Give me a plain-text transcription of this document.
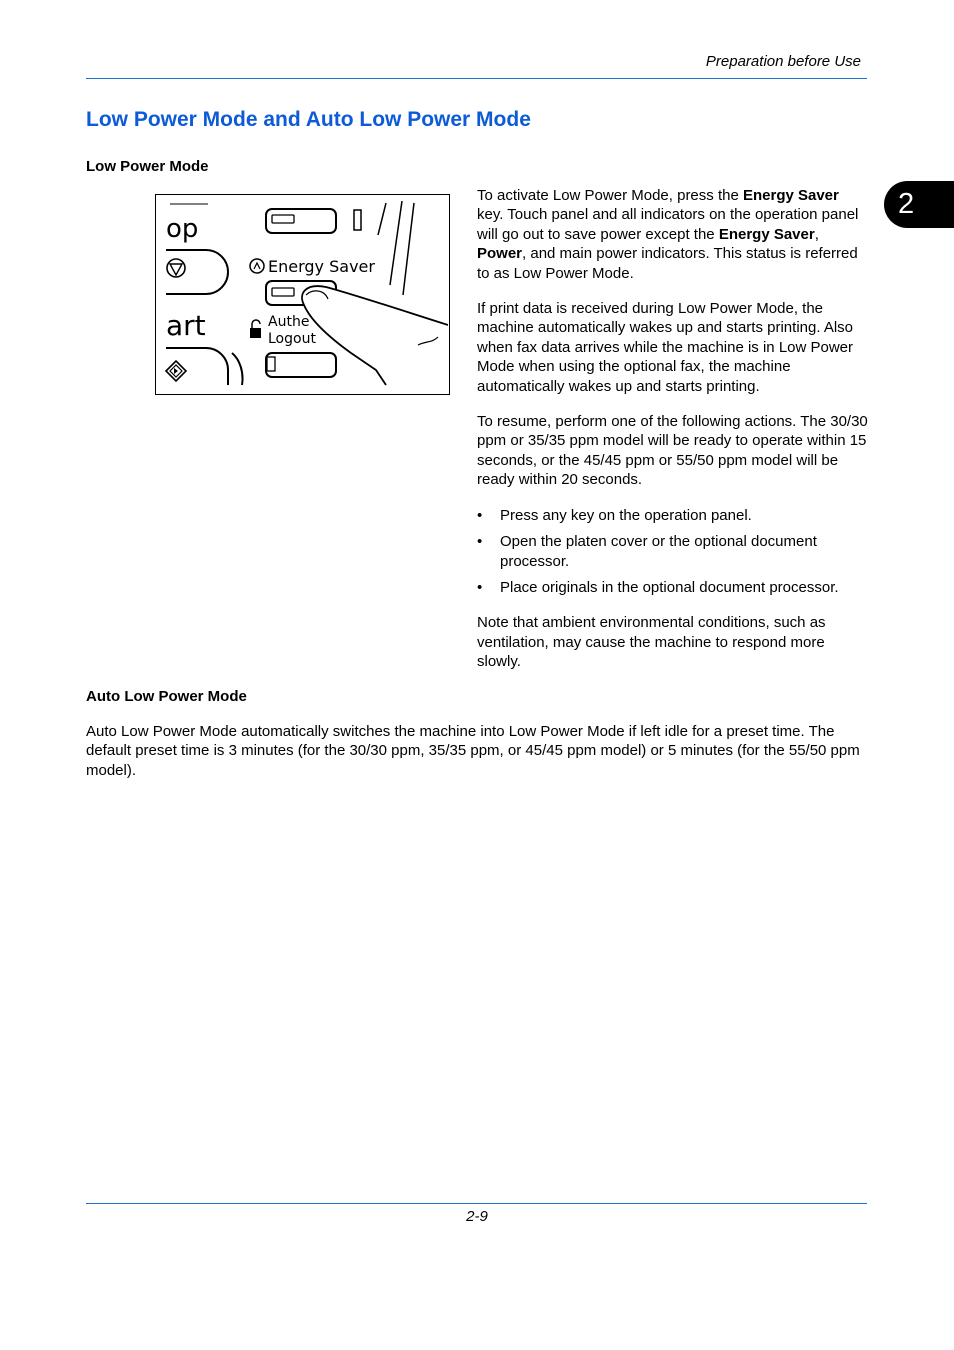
Preparation before Use
2
Low Power Mode and Auto Low Power Mode
Low Power Mode
op
Energy Saver
art	Authe
Logout

To activate Low Power Mode, press the Energy Saver key. Touch panel and all indicators on the operation panel will go out to save power except the Energy Saver, Power, and main power indicators. This status is referred to as Low Power Mode.

If print data is received during Low Power Mode, the machine automatically wakes up and starts printing. Also when fax data arrives while the machine is in Low Power Mode when using the optional fax, the machine automatically wakes up and starts printing.

To resume, perform one of the following actions. The 30/30 ppm or 35/35 ppm model will be ready to operate within 15 seconds, or the 45/45 ppm or 55/50 ppm model will be ready within 20 seconds.

• Press any key on the operation panel.
• Open the platen cover or the optional document processor.
• Place originals in the optional document processor.

Note that ambient environmental conditions, such as ventilation, may cause the machine to respond more slowly.

Auto Low Power Mode

Auto Low Power Mode automatically switches the machine into Low Power Mode if left idle for a preset time. The default preset time is 3 minutes (for the 30/30 ppm, 35/35 ppm, or 45/45 ppm model) or 5 minutes (for the 55/50 ppm model).

2-9
